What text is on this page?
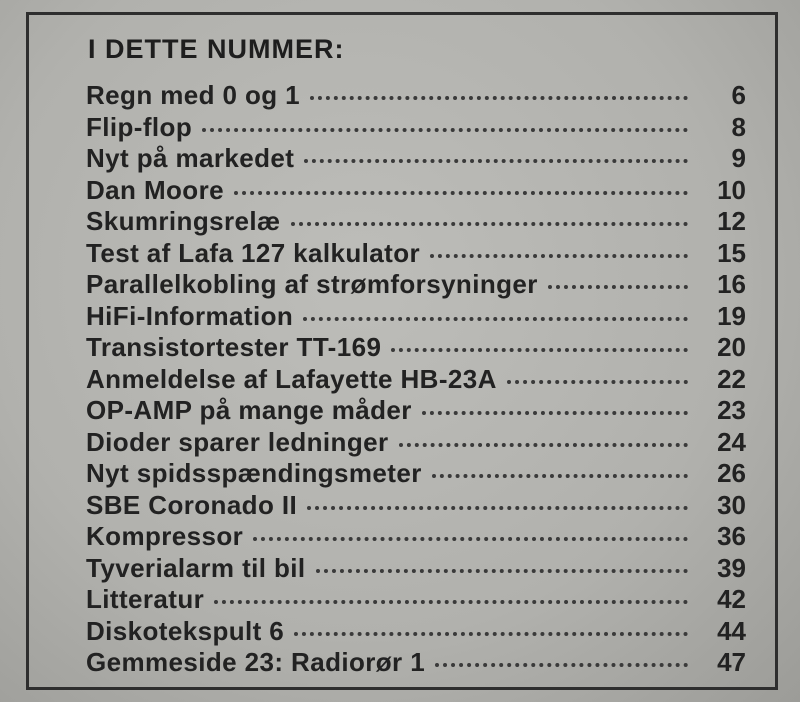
I DETTE NUMMER:
Regn med 0 og 1	6
Flip-flop	8
Nyt på markedet	9
Dan Moore	10
Skumringsrelæ	12
Test af Lafa 127 kalkulator	15
Parallelkobling af strømforsyninger	16
HiFi-Information	19
Transistortester TT-169	20
Anmeldelse af Lafayette HB-23A	22
OP-AMP på mange måder	23
Dioder sparer ledninger	24
Nyt spidsspændingsmeter	26
SBE Coronado II	30
Kompressor	36
Tyverialarm til bil	39
Litteratur	42
Diskotekspult 6	44
Gemmeside 23: Radiorør 1	47
